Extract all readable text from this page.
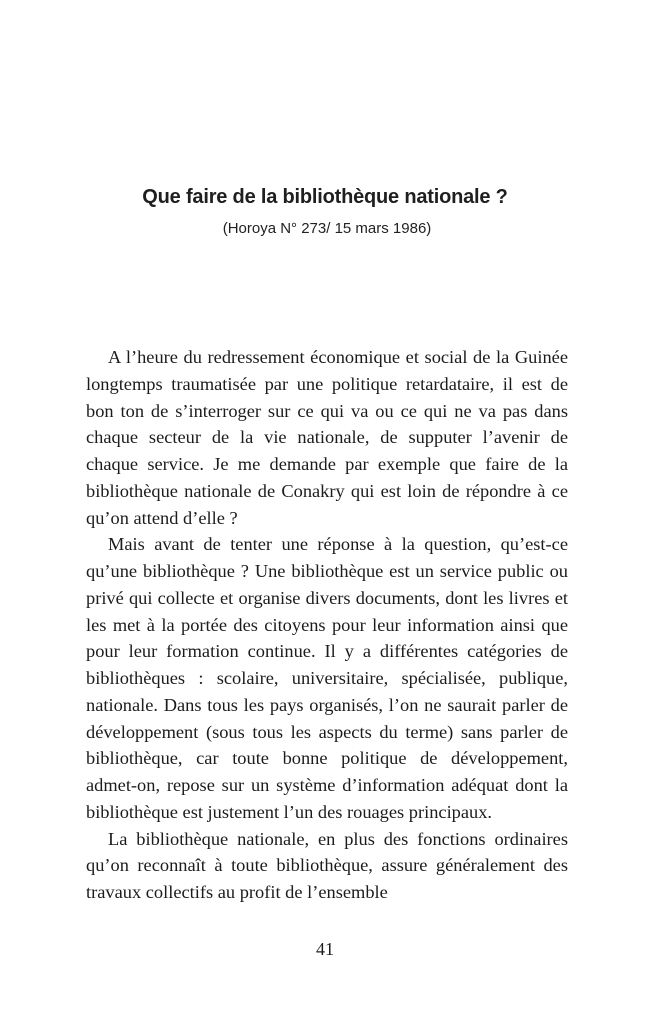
Que faire de la bibliothèque nationale ?
(Horoya N° 273/ 15 mars 1986)

A l’heure du redressement économique et social de la Guinée longtemps traumatisée par une politique retardataire, il est de bon ton de s’interroger sur ce qui va ou ce qui ne va pas dans chaque secteur de la vie nationale, de supputer l’avenir de chaque service. Je me demande par exemple que faire de la bibliothèque nationale de Conakry qui est loin de répondre à ce qu’on attend d’elle ?

Mais avant de tenter une réponse à la question, qu’est-ce qu’une bibliothèque ? Une bibliothèque est un service public ou privé qui collecte et organise divers documents, dont les livres et les met à la portée des citoyens pour leur information ainsi que pour leur formation continue. Il y a différentes catégories de bibliothèques : scolaire, universitaire, spécialisée, publique, nationale. Dans tous les pays organisés, l’on ne saurait parler de développement (sous tous les aspects du terme) sans parler de bibliothèque, car toute bonne politique de développement, admet-on, repose sur un système d’information adéquat dont la bibliothèque est justement l’un des rouages principaux.

La bibliothèque nationale, en plus des fonctions ordinaires qu’on reconnaît à toute bibliothèque, assure généralement des travaux collectifs au profit de l’ensemble

41
